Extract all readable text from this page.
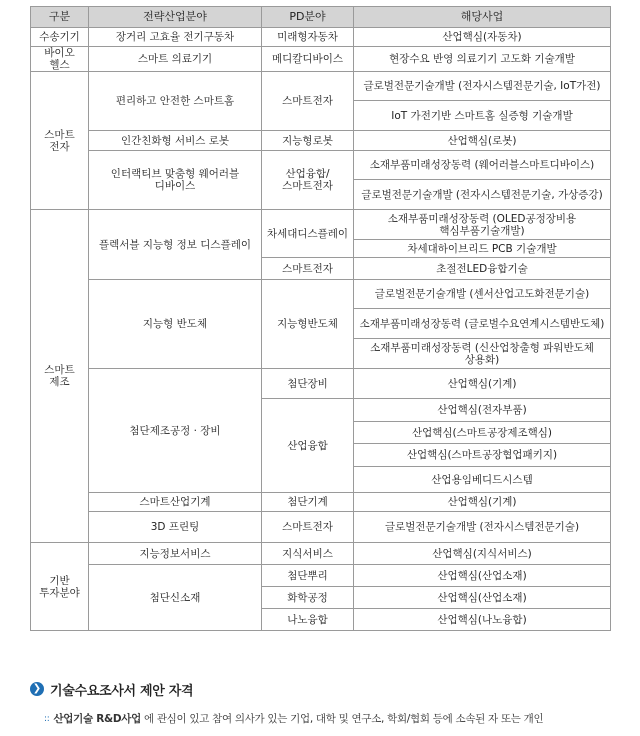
구분	전략산업분야	PD분야	해당사업
수송기기	장거리 고효율 전기구동차	미래형자동차	산업핵심(자동차)
바이오 헬스	스마트 의료기기	메디칼디바이스	현장수요 반영 의료기기 고도화 기술개발
스마트 전자	편리하고 안전한 스마트홈	스마트전자	글로벌전문기술개발 (전자시스템전문기술, IoT가전)
			IoT 가전기반 스마트홈 실증형 기술개발
	인간친화형 서비스 로봇	지능형로봇	산업핵심(로봇)
	인터랙티브 맞춤형 웨어러블 디바이스	산업융합/스마트전자	소재부품미래성장동력 (웨어러블스마트디바이스)
			글로벌전문기술개발 (전자시스템전문기술, 가상증강)
스마트 제조	플렉서블 지능형 정보 디스플레이	차세대디스플레이	소재부품미래성장동력 (OLED공정장비용 핵심부품기술개발)
			차세대하이브리드 PCB 기술개발
		스마트전자	초절전LED융합기술
	지능형 반도체	지능형반도체	글로벌전문기술개발 (센서산업고도화전문기술)
			소재부품미래성장동력 (글로벌수요연계시스템반도체)
			소재부품미래성장동력 (신산업창출형 파워반도체 상용화)
	첨단제조공정 · 장비	첨단장비	산업핵심(기계)
		산업융합	산업핵심(전자부품)
			산업핵심(스마트공장제조핵심)
			산업핵심(스마트공장협업패키지)
			산업용임베디드시스템
	스마트산업기계	첨단기계	산업핵심(기계)
	3D 프린팅	스마트전자	글로벌전문기술개발 (전자시스템전문기술)
기반 투자분야	지능정보서비스	지식서비스	산업핵심(지식서비스)
	첨단신소재	첨단뿌리	산업핵심(산업소재)
		화학공정	산업핵심(산업소재)
		나노융합	산업핵심(나노융합)
❯ 기술수요조사서 제안 자격
:: 산업기술 R&D사업 에 관심이 있고 참여 의사가 있는 기업, 대학 및 연구소, 학회/협회 등에 소속된 자 또는 개인
